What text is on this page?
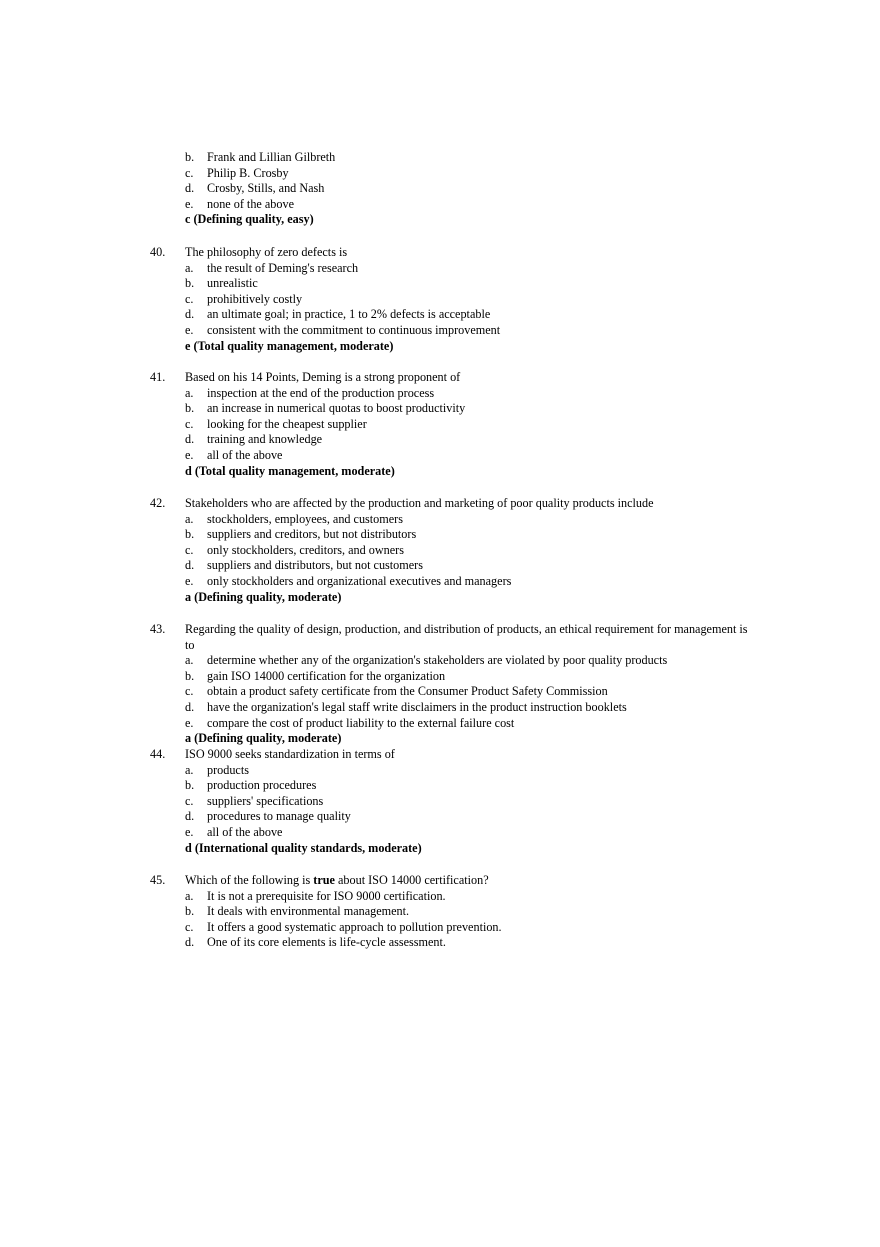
b.	Frank and Lillian Gilbreth
c.	Philip B. Crosby
d.	Crosby, Stills, and Nash
e.	none of the above
c (Defining quality, easy)
40.	The philosophy of zero defects is
a.	the result of Deming's research
b.	unrealistic
c.	prohibitively costly
d.	an ultimate goal; in practice, 1 to 2% defects is acceptable
e.	consistent with the commitment to continuous improvement
e (Total quality management, moderate)
41.	Based on his 14 Points, Deming is a strong proponent of
a.	inspection at the end of the production process
b.	an increase in numerical quotas to boost productivity
c.	looking for the cheapest supplier
d.	training and knowledge
e.	all of the above
d (Total quality management, moderate)
42.	Stakeholders who are affected by the production and marketing of poor quality products include
a.	stockholders, employees, and customers
b.	suppliers and creditors, but not distributors
c.	only stockholders, creditors, and owners
d.	suppliers and distributors, but not customers
e.	only stockholders and organizational executives and managers
a (Defining quality, moderate)
43.	Regarding the quality of design, production, and distribution of products, an ethical requirement for management is to
a.	determine whether any of the organization's stakeholders are violated by poor quality products
b.	gain ISO 14000 certification for the organization
c.	obtain a product safety certificate from the Consumer Product Safety Commission
d.	have the organization's legal staff write disclaimers in the product instruction booklets
e.	compare the cost of product liability to the external failure cost
a (Defining quality, moderate)
44.	ISO 9000 seeks standardization in terms of
a.	products
b.	production procedures
c.	suppliers' specifications
d.	procedures to manage quality
e.	all of the above
d (International quality standards, moderate)
45.	Which of the following is true about ISO 14000 certification?
a.	It is not a prerequisite for ISO 9000 certification.
b.	It deals with environmental management.
c.	It offers a good systematic approach to pollution prevention.
d.	One of its core elements is life-cycle assessment.
